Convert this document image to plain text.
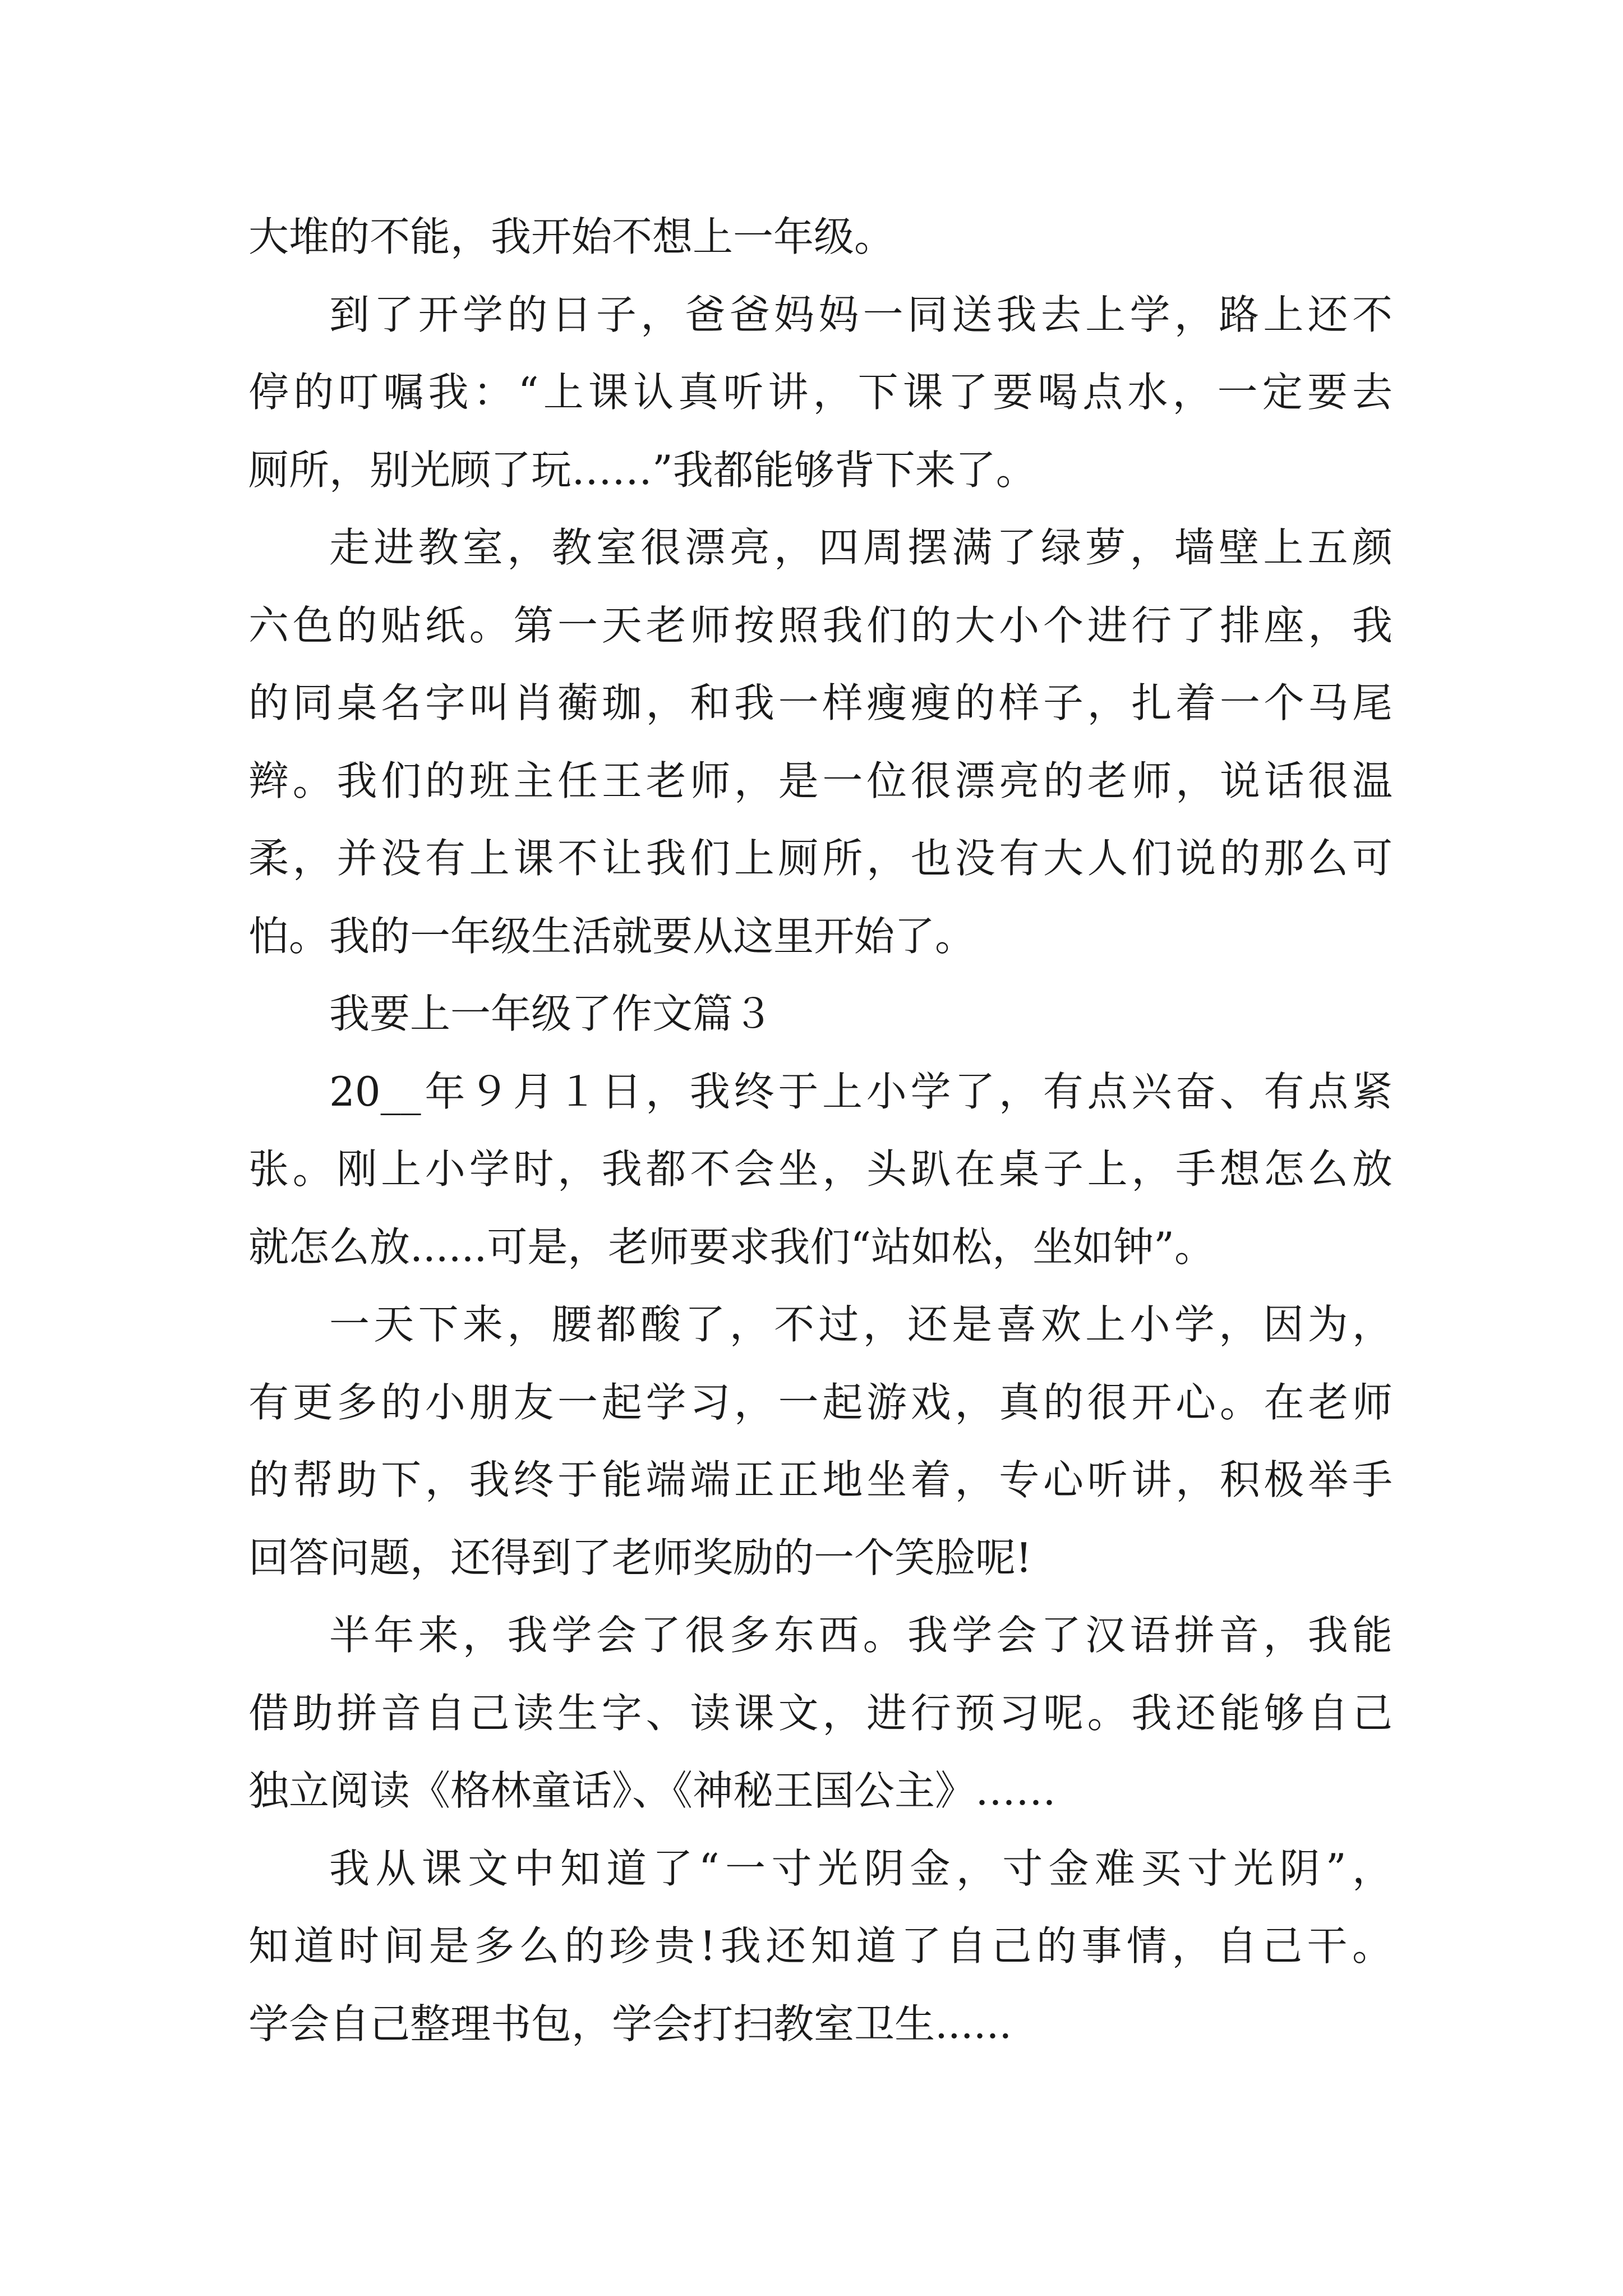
大堆的不能，我开始不想上一年级。
到了开学的日子，爸爸妈妈一同送我去上学，路上还不
停的叮嘱我：“上课认真听讲，下课了要喝点水，一定要去
厕所，别光顾了玩……”我都能够背下来了。
走进教室，教室很漂亮，四周摆满了绿萝，墙壁上五颜
六色的贴纸。第一天老师按照我们的大小个进行了排座，我
的同桌名字叫肖蘅珈，和我一样瘦瘦的样子，扎着一个马尾
辫。我们的班主任王老师，是一位很漂亮的老师，说话很温
柔，并没有上课不让我们上厕所，也没有大人们说的那么可
怕。我的一年级生活就要从这里开始了。
我要上一年级了作文篇３
20__年９月１日，我终于上小学了，有点兴奋、有点紧
张。刚上小学时，我都不会坐，头趴在桌子上，手想怎么放
就怎么放......可是，老师要求我们“站如松，坐如钟”。
一天下来，腰都酸了，不过，还是喜欢上小学，因为，
有更多的小朋友一起学习，一起游戏，真的很开心。在老师
的帮助下，我终于能端端正正地坐着，专心听讲，积极举手
回答问题，还得到了老师奖励的一个笑脸呢!
半年来，我学会了很多东西。我学会了汉语拼音，我能
借助拼音自己读生字、读课文，进行预习呢。我还能够自己
独立阅读《格林童话》、《神秘王国公主》……
我从课文中知道了“一寸光阴金，寸金难买寸光阴”，
知道时间是多么的珍贵!我还知道了自己的事情，自己干。
学会自己整理书包，学会打扫教室卫生......
